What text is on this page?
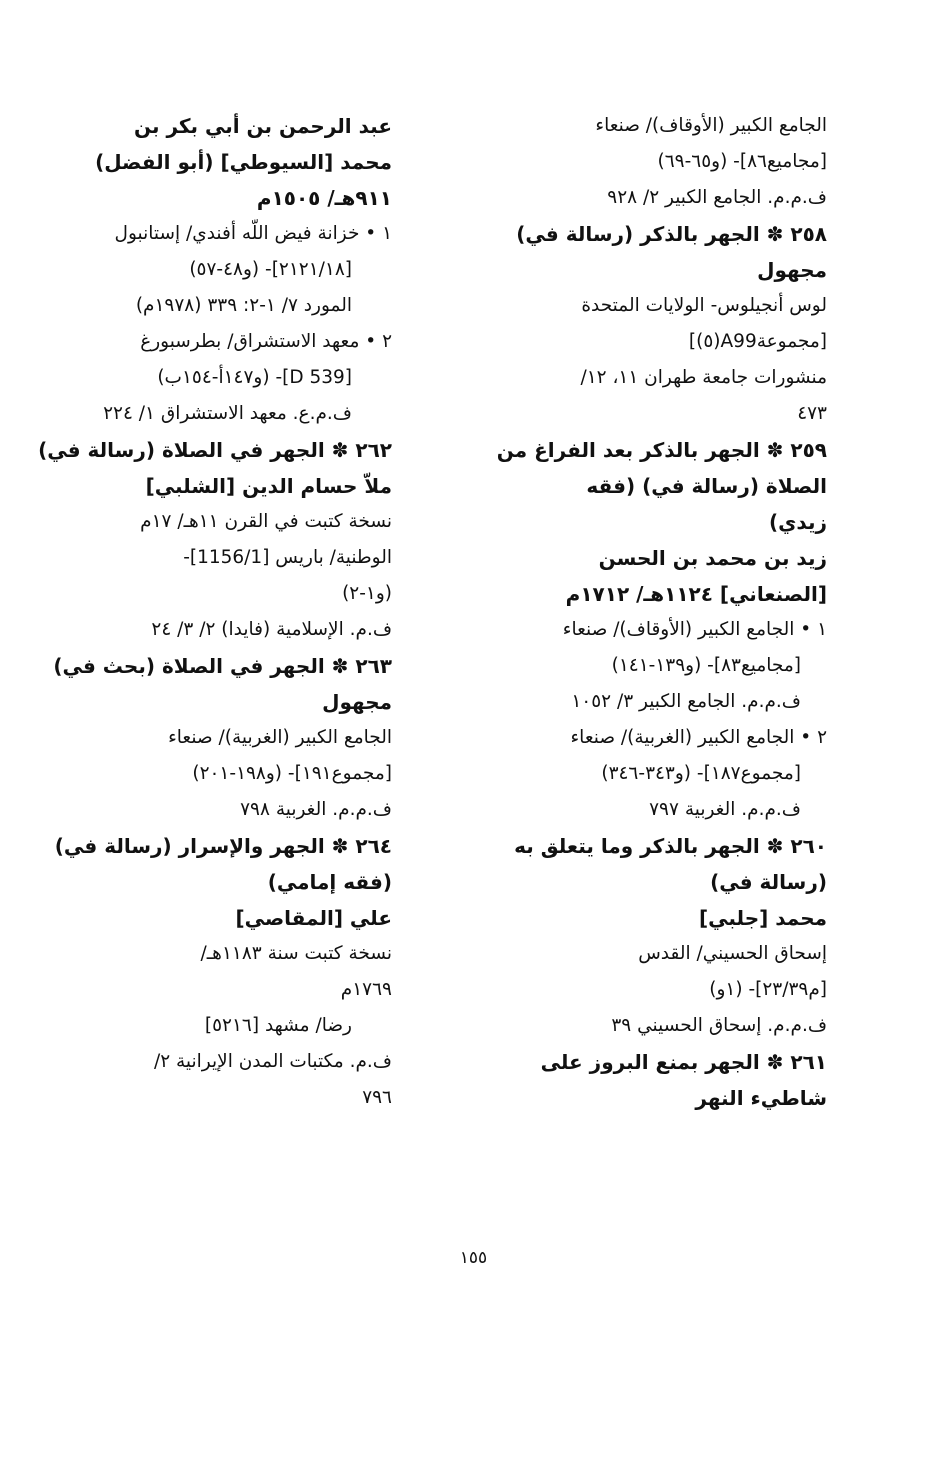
الجامع الكبير (الأوقاف)/ صنعاء
[مجاميع٨٦]- (و٦٥-٦٩)
ف.م.م. الجامع الكبير ٢/ ٩٢٨
٢٥٨ ✽ الجهر بالذكر (رسالة في)
مجهول
لوس أنجيلوس- الولايات المتحدة
[مجموعةA99(٥)]
منشورات جامعة طهران ١١، ١٢/
٤٧٣
٢٥٩ ✽ الجهر بالذكر بعد الفراغ من
الصلاة (رسالة في) (فقه
زيدي)
زيد بن محمد بن الحسن
[الصنعاني] ١١٢٤هـ/ ١٧١٢م
١ • الجامع الكبير (الأوقاف)/ صنعاء
[مجاميع٨٣]- (و١٣٩-١٤١)
ف.م.م. الجامع الكبير ٣/ ١٠٥٢
٢ • الجامع الكبير (الغربية)/ صنعاء
[مجموع١٨٧]- (و٣٤٣-٣٤٦)
ف.م.م. الغربية ٧٩٧
٢٦٠ ✽ الجهر بالذكر وما يتعلق به
(رسالة في)
محمد [جلبي]
إسحاق الحسيني/ القدس
[م٢٣/٣٩]- (١و)
ف.م.م. إسحاق الحسيني ٣٩
٢٦١ ✽ الجهر بمنع البروز على
شاطيء النهر
عبد الرحمن بن أبي بكر بن
محمد [السيوطي] (أبو الفضل)
٩١١هـ/ ١٥٠٥م
١ • خزانة فيض اللّه أفندي/ إستانبول
[٢١٢١/١٨]- (و٤٨-٥٧)
المورد ٧/ ١-٢: ٣٣٩ (١٩٧٨م)
٢ • معهد الاستشراق/ بطرسبورغ
[D 539]- (و١٤٧أ-١٥٤ب)
ف.م.ع. معهد الاستشراق ١/ ٢٢٤
٢٦٢ ✽ الجهر في الصلاة (رسالة في)
ملاّ حسام الدين [الشلبي]
نسخة كتبت في القرن ١١هـ/ ١٧م
الوطنية/ باريس [1156/1]-
(و١-٢)
ف.م. الإسلامية (فايدا) ٢/ ٣/ ٢٤
٢٦٣ ✽ الجهر في الصلاة (بحث في)
مجهول
الجامع الكبير (الغربية)/ صنعاء
[مجموع١٩١]- (و١٩٨-٢٠١)
ف.م.م. الغربية ٧٩٨
٢٦٤ ✽ الجهر والإسرار (رسالة في)
(فقه إمامي)
علي [المقاصي]
نسخة كتبت سنة ١١٨٣هـ/
١٧٦٩م
رضا/ مشهد [٥٢١٦]
ف.م. مكتبات المدن الإيرانية ٢/
٧٩٦
١٥٥
